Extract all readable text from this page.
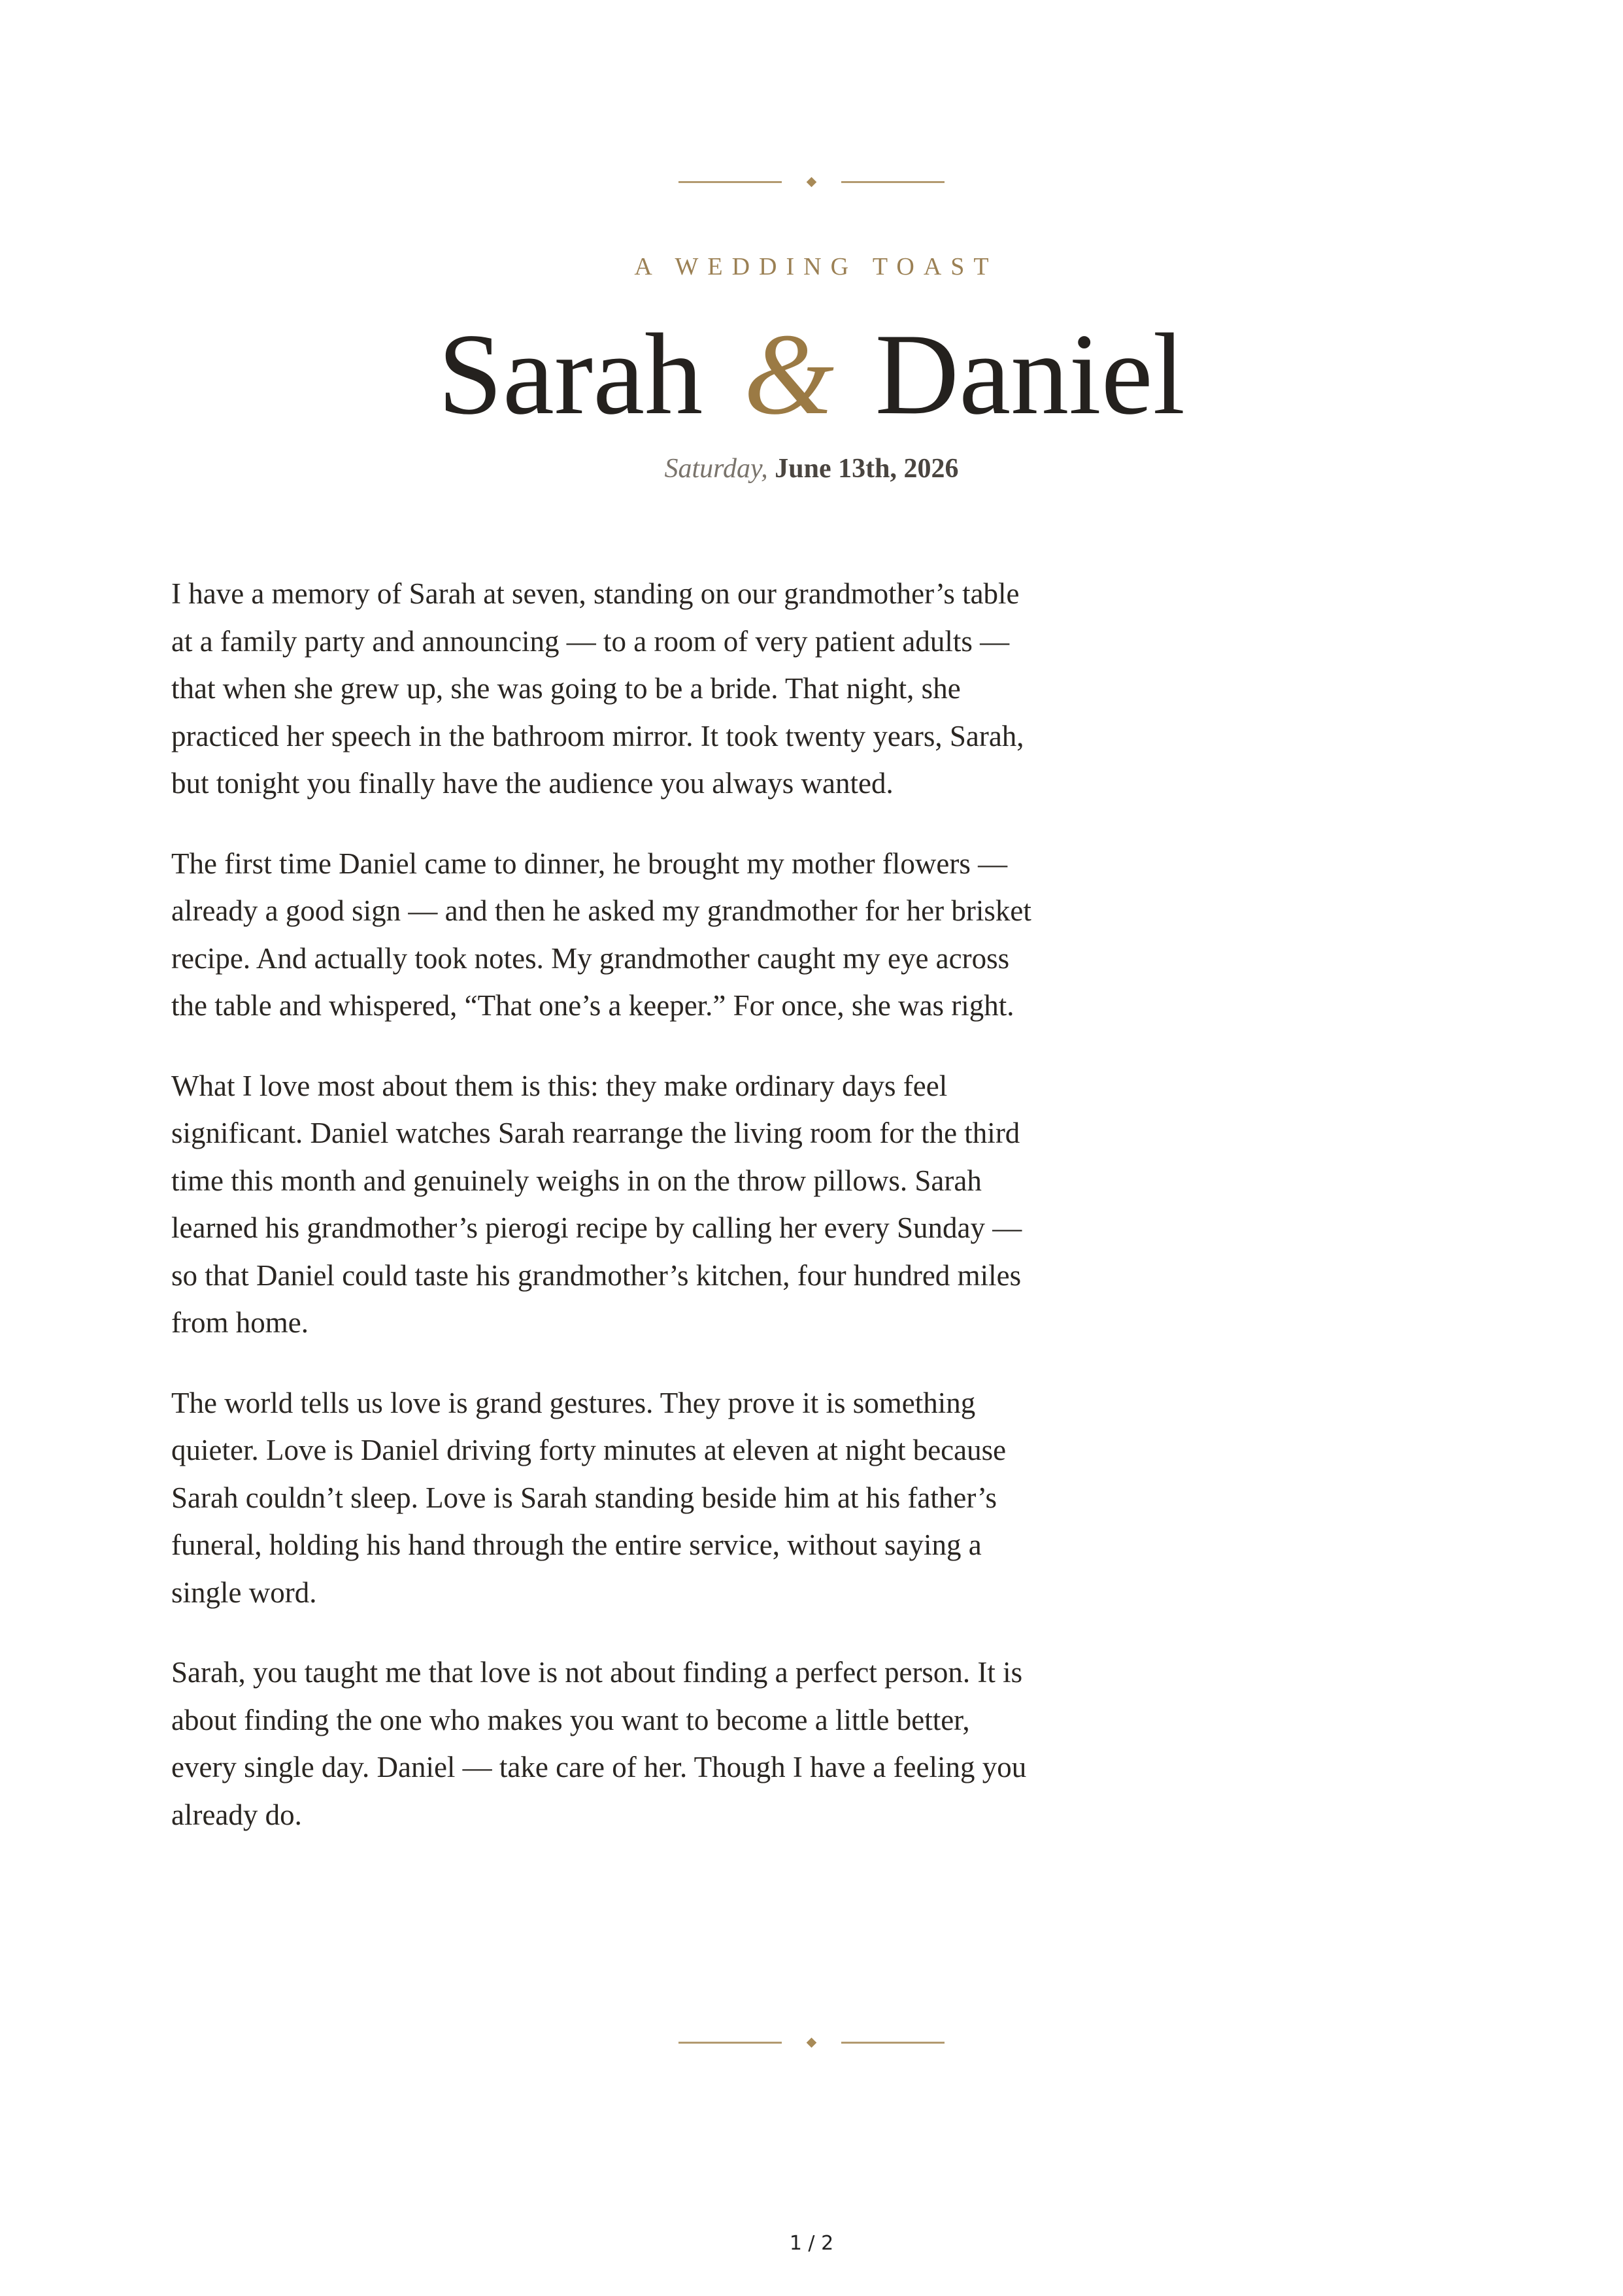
A WEDDING TOAST
Sarah & Daniel
Saturday, June 13th, 2026

I have a memory of Sarah at seven, standing on our grandmother’s table at a family party and announcing — to a room of very patient adults — that when she grew up, she was going to be a bride. That night, she practiced her speech in the bathroom mirror. It took twenty years, Sarah, but tonight you finally have the audience you always wanted.

The first time Daniel came to dinner, he brought my mother flowers — already a good sign — and then he asked my grandmother for her brisket recipe. And actually took notes. My grandmother caught my eye across the table and whispered, “That one’s a keeper.” For once, she was right.

What I love most about them is this: they make ordinary days feel significant. Daniel watches Sarah rearrange the living room for the third time this month and genuinely weighs in on the throw pillows. Sarah learned his grandmother’s pierogi recipe by calling her every Sunday — so that Daniel could taste his grandmother’s kitchen, four hundred miles from home.

The world tells us love is grand gestures. They prove it is something quieter. Love is Daniel driving forty minutes at eleven at night because Sarah couldn’t sleep. Love is Sarah standing beside him at his father’s funeral, holding his hand through the entire service, without saying a single word.

Sarah, you taught me that love is not about finding a perfect person. It is about finding the one who makes you want to become a little better, every single day. Daniel — take care of her. Though I have a feeling you already do.

1 / 2
